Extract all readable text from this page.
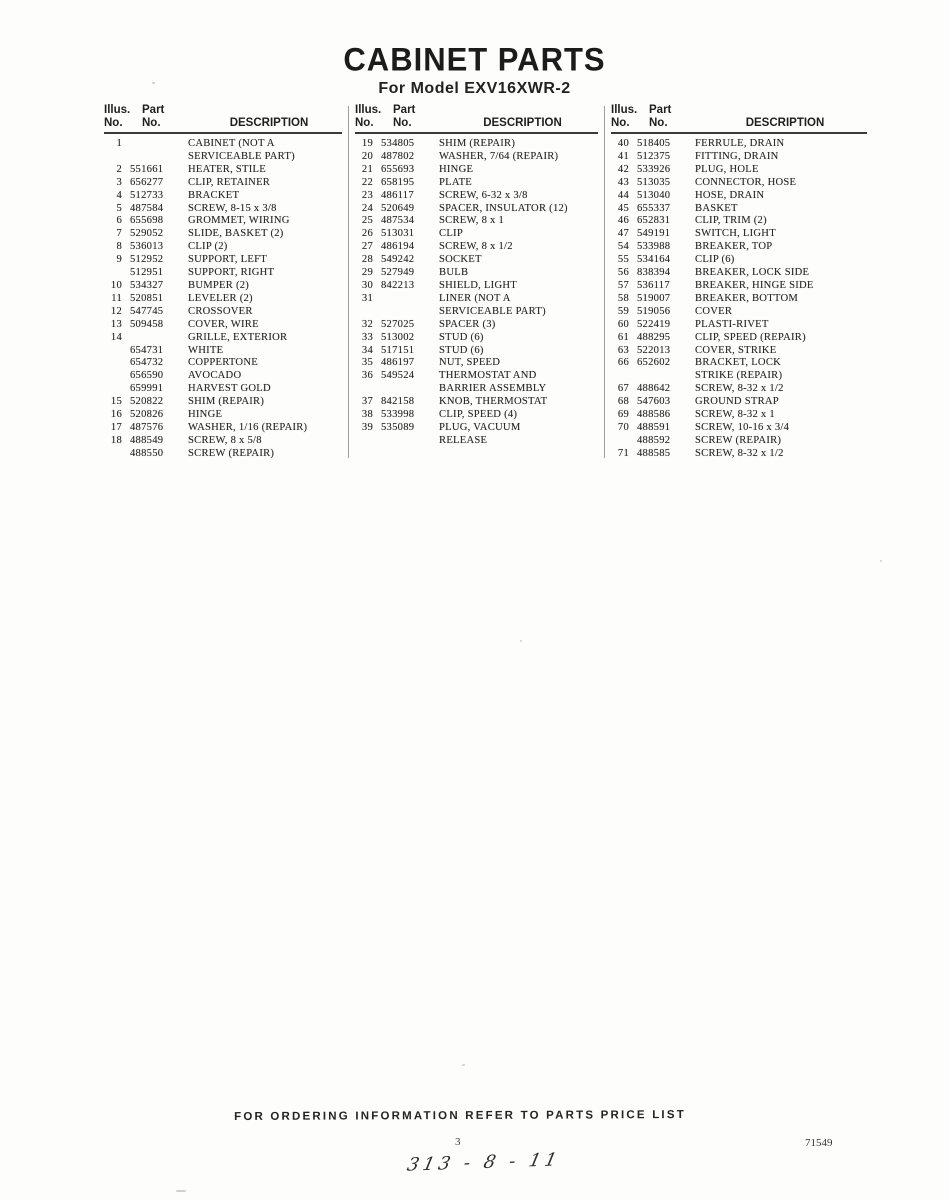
CABINET PARTS
For Model EXV16XWR-2
Illus.	Part
No.	No.	DESCRIPTION
1	CABINET (NOT A
SERVICEABLE PART)
2 551661	HEATER, STILE
3 656277	CLIP, RETAINER
4 512733	BRACKET
5 487584	SCREW, 8-15 x 3/8
6 655698	GROMMET, WIRING
7 529052	SLIDE, BASKET (2)
8 536013	CLIP (2)
9 512952	SUPPORT, LEFT
512951	SUPPORT, RIGHT
10 534327	BUMPER (2)
11 520851	LEVELER (2)
12 547745	CROSSOVER
13 509458	COVER, WIRE
14	GRILLE, EXTERIOR
654731	WHITE
654732	COPPERTONE
656590	AVOCADO
659991	HARVEST GOLD
15 520822	SHIM (REPAIR)
16 520826	HINGE
17 487576	WASHER, 1/16 (REPAIR)
18 488549	SCREW, 8 x 5/8
488550	SCREW (REPAIR)
Illus.	Part
No.	No.	DESCRIPTION
19 534805	SHIM (REPAIR)
20 487802	WASHER, 7/64 (REPAIR)
21 655693	HINGE
22 658195	PLATE
23 486117	SCREW, 6-32 x 3/8
24 520649	SPACER, INSULATOR (12)
25 487534	SCREW, 8 x 1
26 513031	CLIP
27 486194	SCREW, 8 x 1/2
28 549242	SOCKET
29 527949	BULB
30 842213	SHIELD, LIGHT
31	LINER (NOT A
SERVICEABLE PART)
32 527025	SPACER (3)
33 513002	STUD (6)
34 517151	STUD (6)
35 486197	NUT, SPEED
36 549524	THERMOSTAT AND
BARRIER ASSEMBLY
37 842158	KNOB, THERMOSTAT
38 533998	CLIP, SPEED (4)
39 535089	PLUG, VACUUM
RELEASE
Illus.	Part
No.	No.	DESCRIPTION
40 518405	FERRULE, DRAIN
41 512375	FITTING, DRAIN
42 533926	PLUG, HOLE
43 513035	CONNECTOR, HOSE
44 513040	HOSE, DRAIN
45 655337	BASKET
46 652831	CLIP, TRIM (2)
47 549191	SWITCH, LIGHT
54 533988	BREAKER, TOP
55 534164	CLIP (6)
56 838394	BREAKER, LOCK SIDE
57 536117	BREAKER, HINGE SIDE
58 519007	BREAKER, BOTTOM
59 519056	COVER
60 522419	PLASTI-RIVET
61 488295	CLIP, SPEED (REPAIR)
63 522013	COVER, STRIKE
66 652602	BRACKET, LOCK
STRIKE (REPAIR)
67 488642	SCREW, 8-32 x 1/2
68 547603	GROUND STRAP
69 488586	SCREW, 8-32 x 1
70 488591	SCREW, 10-16 x 3/4
488592	SCREW (REPAIR)
71 488585	SCREW, 8-32 x 1/2
FOR ORDERING INFORMATION REFER TO PARTS PRICE LIST
3	71549
313 - 8 - 11
